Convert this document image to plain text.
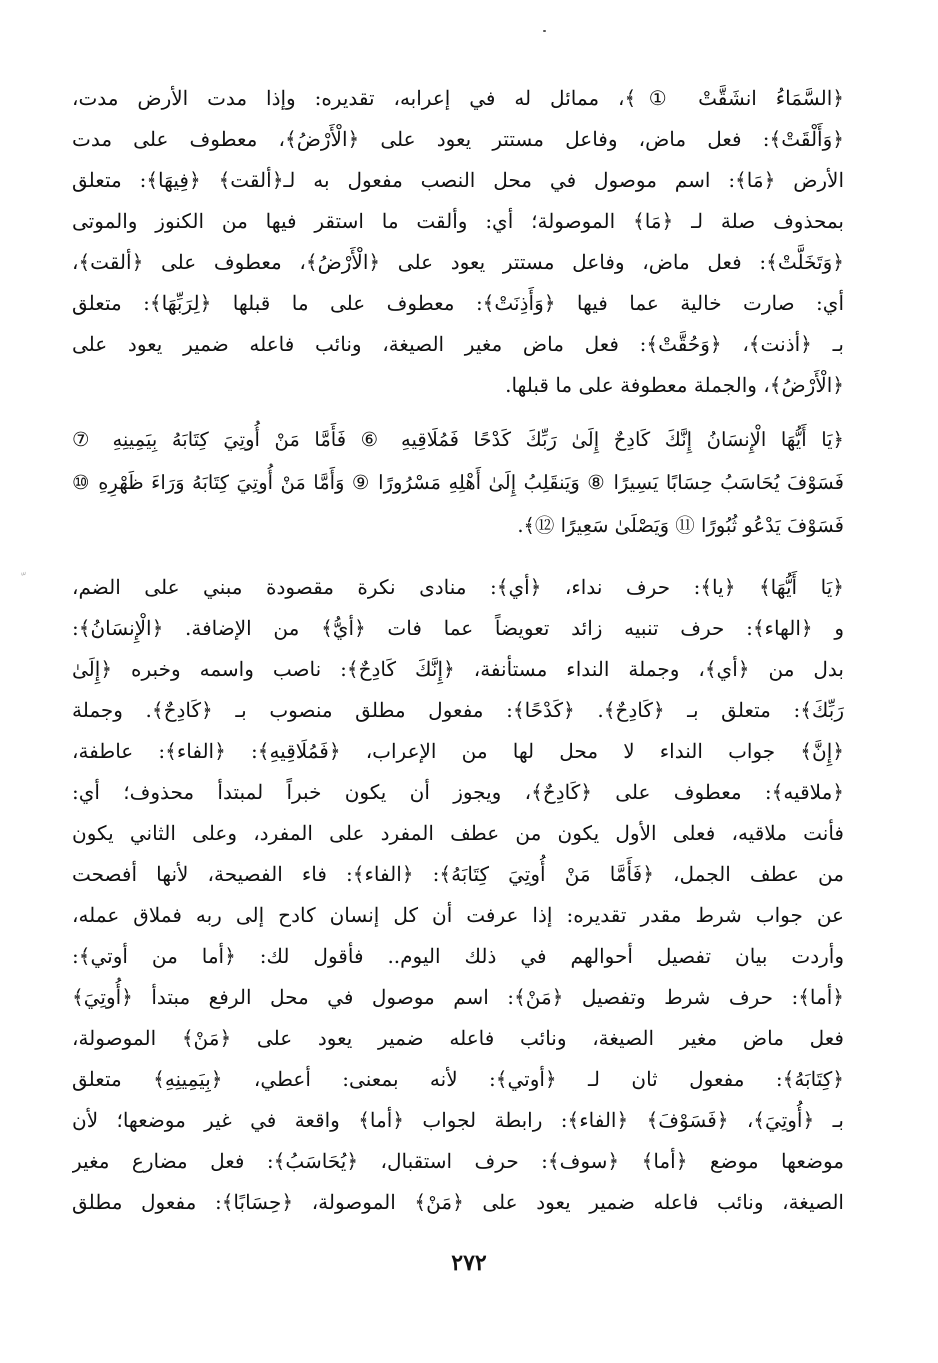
﴿السَّمَاءُ انشَقَّتْ ①﴾، ممائل له في إعرابه، تقديره: وإذا مدت الأرض مدت،
﴿وَأَلْقَتْ﴾: فعل ماض، وفاعل مستتر يعود على ﴿الْأَرْضُ﴾، معطوف على مدت
الأرض ﴿مَا﴾: اسم موصول في محل النصب مفعول به لـ﴿ألقت﴾ ﴿فِيهَا﴾: متعلق
بمحذوف صلة لـ ﴿مَا﴾ الموصولة؛ أي: وألقت ما استقر فيها من الكنوز والموتى
﴿وَتَخَلَّتْ﴾: فعل ماض، وفاعل مستتر يعود على ﴿الْأَرْضُ﴾، معطوف على ﴿ألقت﴾،
أي: صارت خالية عما فيها ﴿وَأَذِنَتْ﴾: معطوف على ما قبلها ﴿لِرَبِّهَا﴾: متعلق
بـ ﴿أذنت﴾، ﴿وَحُقَّتْ﴾: فعل ماض مغير الصيغة، ونائب فاعله ضمير يعود على
﴿الْأَرْضُ﴾، والجملة معطوفة على ما قبلها.
﴿يَا أَيُّهَا الْإِنسَانُ إِنَّكَ كَادِحٌ إِلَىٰ رَبِّكَ كَدْحًا فَمُلَاقِيهِ ⑥ فَأَمَّا مَنْ أُوتِيَ كِتَابَهُ بِيَمِينِهِ ⑦
فَسَوْفَ يُحَاسَبُ حِسَابًا يَسِيرًا ⑧ وَيَنقَلِبُ إِلَىٰ أَهْلِهِ مَسْرُورًا ⑨ وَأَمَّا مَنْ أُوتِيَ كِتَابَهُ وَرَاءَ ظَهْرِهِ ⑩
فَسَوْفَ يَدْعُو ثُبُورًا ⑪ وَيَصْلَىٰ سَعِيرًا ⑫﴾.
﴿يَا أَيُّهَا﴾ ﴿يا﴾: حرف نداء، ﴿أي﴾: منادى نكرة مقصودة مبني على الضم،
و ﴿الهاء﴾: حرف تنبيه زائد تعويضاً عما فات ﴿أيُّ﴾ من الإضافة. ﴿الْإِنسَانُ﴾:
بدل من ﴿أي﴾، وجملة النداء مستأنفة، ﴿إِنَّكَ كَادِحٌ﴾: ناصب واسمه وخبره ﴿إِلَىٰ
رَبِّكَ﴾: متعلق بـ ﴿كَادِحٌ﴾. ﴿كَدْحًا﴾: مفعول مطلق منصوب بـ ﴿كَادِحٌ﴾. وجملة
﴿إِنَّ﴾ جواب النداء لا محل لها من الإعراب، ﴿فَمُلَاقِيهِ﴾: ﴿الفاء﴾: عاطفة،
﴿ملاقيه﴾: معطوف على ﴿كَادِحٌ﴾، ويجوز أن يكون خبراً لمبتدأ محذوف؛ أي:
فأنت ملاقيه، فعلى الأول يكون من عطف المفرد على المفرد، وعلى الثاني يكون
من عطف الجمل، ﴿فَأَمَّا مَنْ أُوتِيَ كِتَابَهُ﴾: ﴿الفاء﴾: فاء الفصيحة، لأنها أفصحت
عن جواب شرط مقدر تقديره: إذا عرفت أن كل إنسان كادح إلى ربه فملاق عمله،
وأردت بيان تفصيل أحوالهم في ذلك اليوم.. فأقول لك: ﴿أما من أوتي﴾:
﴿أما﴾: حرف شرط وتفصيل ﴿مَنْ﴾: اسم موصول في محل الرفع مبتدأ ﴿أُوتِيَ﴾
فعل ماض مغير الصيغة، ونائب فاعله ضمير يعود على ﴿مَنْ﴾ الموصولة،
﴿كِتَابَهُ﴾: مفعول ثان لـ ﴿أوتي﴾: لأنه بمعنى: أعطي، ﴿بِيَمِينِهِ﴾ متعلق
بـ ﴿أُوتِيَ﴾، ﴿فَسَوْفَ﴾ ﴿الفاء﴾: رابطة لجواب ﴿أما﴾ واقعة في غير موضعها؛ لأن
موضعها موضع ﴿أما﴾ ﴿سوف﴾: حرف استقبال، ﴿يُحَاسَبُ﴾: فعل مضارع مغير
الصيغة، ونائب فاعله ضمير يعود على ﴿مَنْ﴾ الموصولة، ﴿حِسَابًا﴾: مفعول مطلق
٢٧٢
